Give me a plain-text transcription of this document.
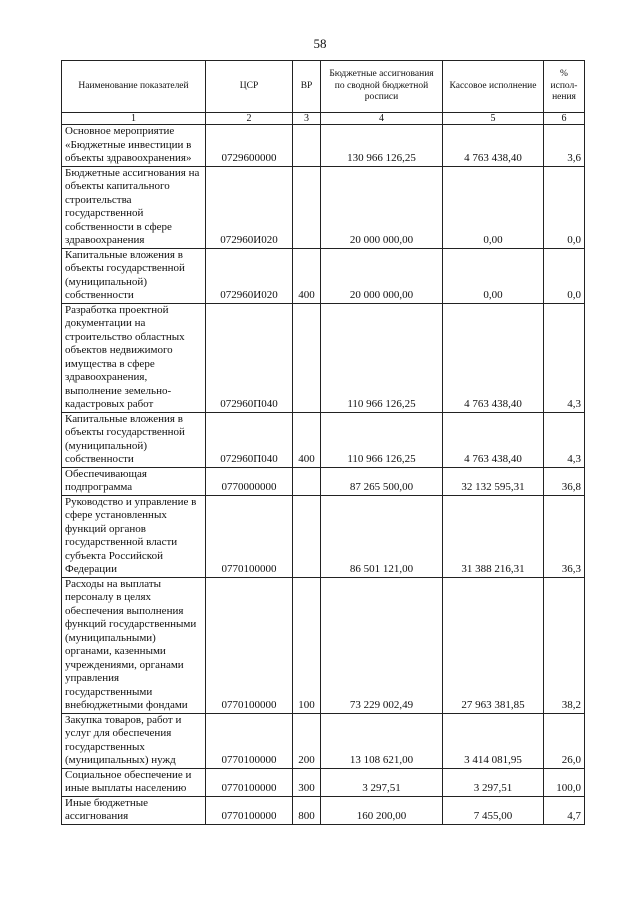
58
Наименование показателей	ЦСР	ВР	Бюджетные ассигнования по сводной бюджетной росписи	Кассовое исполнение	% испол-нения
1	2	3	4	5	6
Основное мероприятие «Бюджетные инвестиции в объекты здравоохранения»	0729600000		130 966 126,25	4 763 438,40	3,6
Бюджетные ассигнования на объекты капитального строительства государственной собственности в сфере здравоохранения	072960И020		20 000 000,00	0,00	0,0
Капитальные вложения в объекты государственной (муниципальной) собственности	072960И020	400	20 000 000,00	0,00	0,0
Разработка проектной документации на строительство областных объектов недвижимого имущества в сфере здравоохранения, выполнение земельно-кадастровых работ	072960П040		110 966 126,25	4 763 438,40	4,3
Капитальные вложения в объекты государственной (муниципальной) собственности	072960П040	400	110 966 126,25	4 763 438,40	4,3
Обеспечивающая подпрограмма	0770000000		87 265 500,00	32 132 595,31	36,8
Руководство и управление в сфере установленных функций органов государственной власти субъекта Российской Федерации	0770100000		86 501 121,00	31 388 216,31	36,3
Расходы на выплаты персоналу в целях обеспечения выполнения функций государственными (муниципальными) органами, казенными учреждениями, органами управления государственными внебюджетными фондами	0770100000	100	73 229 002,49	27 963 381,85	38,2
Закупка товаров, работ и услуг для обеспечения государственных (муниципальных) нужд	0770100000	200	13 108 621,00	3 414 081,95	26,0
Социальное обеспечение и иные выплаты населению	0770100000	300	3 297,51	3 297,51	100,0
Иные бюджетные ассигнования	0770100000	800	160 200,00	7 455,00	4,7
